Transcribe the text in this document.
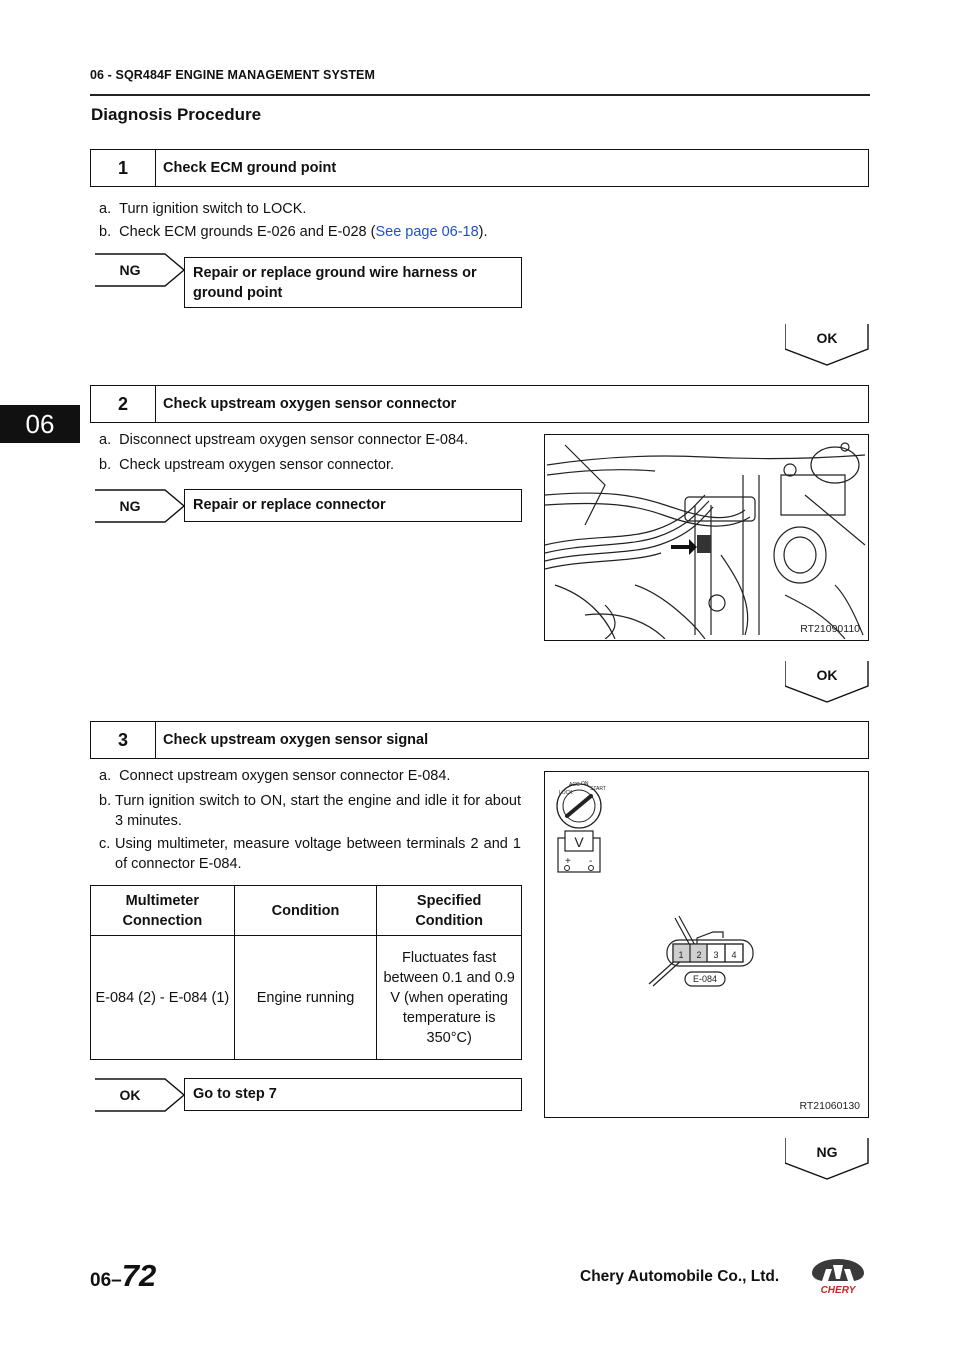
06 - SQR484F ENGINE MANAGEMENT SYSTEM
Diagnosis Procedure
06
1	Check ECM ground point
a. Turn ignition switch to LOCK.
b. Check ECM grounds E-026 and E-028 (See page 06-18).
NG	Repair or replace ground wire harness or ground point
OK
2	Check upstream oxygen sensor connector
a. Disconnect upstream oxygen sensor connector E-084.
b. Check upstream oxygen sensor connector.
NG	Repair or replace connector
RT21090110
OK
3	Check upstream oxygen sensor signal
a. Connect upstream oxygen sensor connector E-084.
b. Turn ignition switch to ON, start the engine and idle it for about 3 minutes.
c. Using multimeter, measure voltage between terminals 2 and 1 of connector E-084.
Multimeter Connection	Condition	Specified Condition
E-084 (2) - E-084 (1)	Engine running	Fluctuates fast between 0.1 and 0.9 V (when operating temperature is 350°C)
OK	Go to step 7
LOCK
ACC ON
START
V
+ -
1 2 3 4
E-084
RT21060130
NG
06–72	Chery Automobile Co., Ltd.
CHERY
